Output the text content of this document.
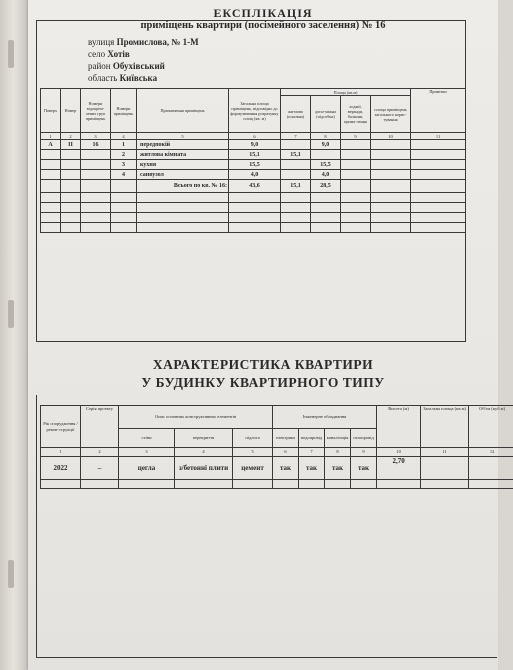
ЕКСПЛІКАЦІЯ
приміщень квартири (посімейного заселення) № 16
вулиця Промислова, № 1-М
село Хотів
район Обухівський
область Київська
Поверх	Номер	Номери відокрем-лених груп приміщень	Номери приміщень	Призначення приміщень	Загальна площа приміщень, відповідно до формулювання розрахунку площ (кв. м)	Площа (кв.м)				Примітки
						житлова (основна)	допо-міжна (підсобна)	лоджії, веранди, балкони, прима-лення	площа приміщень загального корис-тування	
1	2	3	4	5	6	7	8	9	10	11
А	II	16	1	передпокій	9,0		9,0			
			2	житлова кімната	15,1	15,1				
			3	кухня	15,5		15,5			
			4	санвузол	4,0		4,0			
				Всього по кв. № 16:	43,6	15,1	28,5			

ХАРАКТЕРИСТИКА КВАРТИРИ
У БУДИНКУ КВАРТИРНОГО ТИПУ
Рік спорудження / рекон-струкції	Серія проекту	Опис основних конструктивних елементів			Інженерне обладнання				Висота (м)	Загальна площа (кв.м)	Об'єм (куб.м)
		стіни	перекриття	підлога	електрика	водопровід	каналізація	газопровід			
1	2	3	4	5	6	7	8	9	10	11	12
2022	–	цегла	з/бетонні плити	цемент	так	так	так	так	2,70		
